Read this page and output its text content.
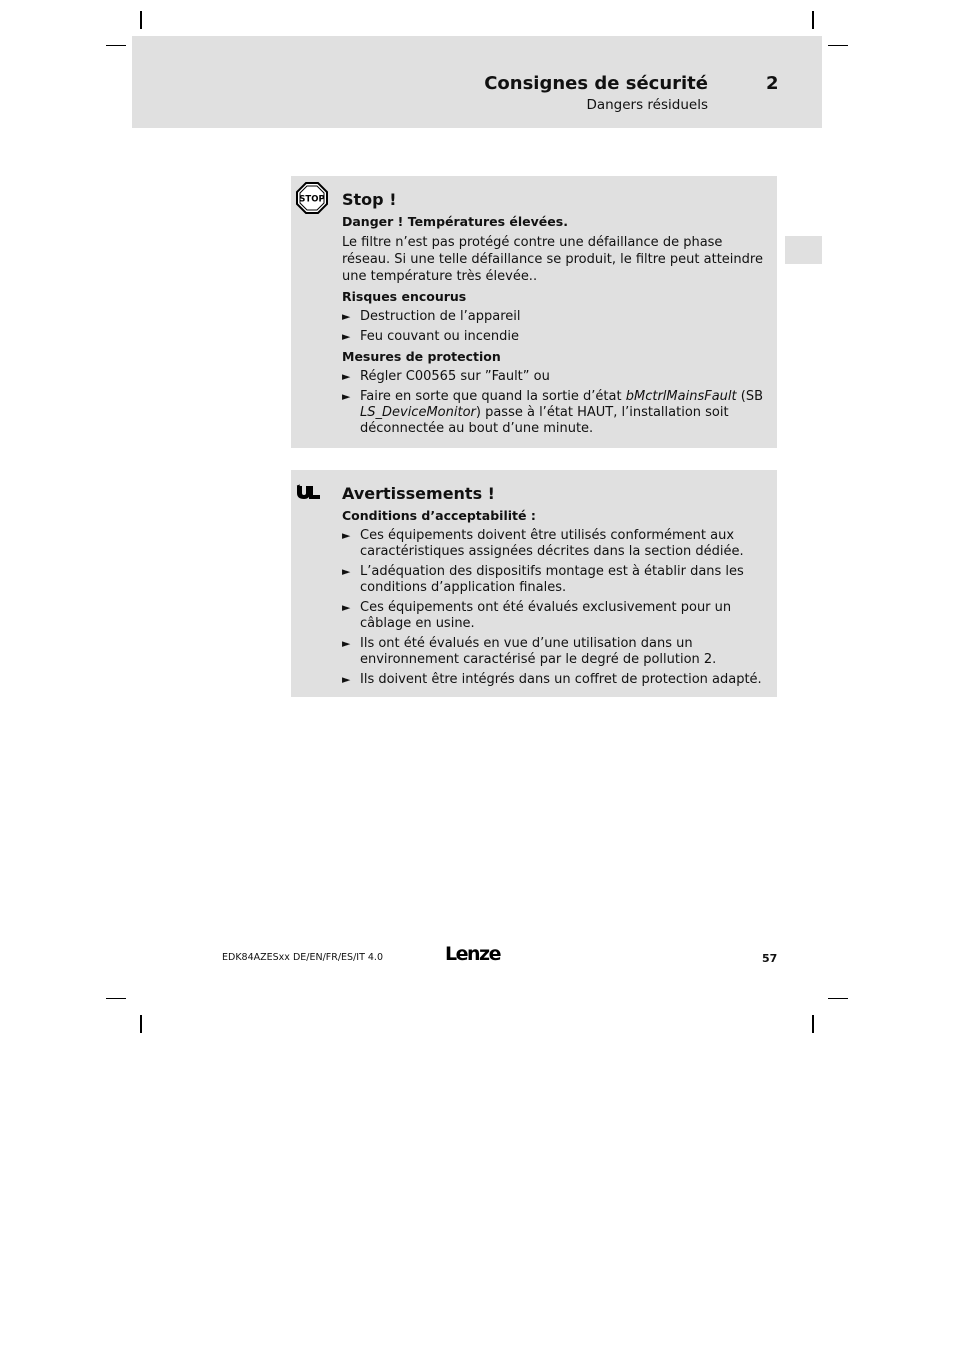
Consignes de sécurité	2
Dangers résiduels
STOP Stop !
Danger ! Températures élevées.
Le filtre n’est pas protégé contre une défaillance de phase réseau. Si une telle défaillance se produit, le filtre peut atteindre une température très élevée..
Risques encourus
► Destruction de l’appareil
► Feu couvant ou incendie
Mesures de protection
► Régler C00565 sur ”Fault” ou
► Faire en sorte que quand la sortie d’état bMctrlMainsFault (SB LS_DeviceMonitor) passe à l’état HAUT, l’installation soit déconnectée au bout d’une minute.
Avertissements !
Conditions d’acceptabilité :
► Ces équipements doivent être utilisés conformément aux caractéristiques assignées décrites dans la section dédiée.
► L’adéquation des dispositifs montage est à établir dans les conditions d’application finales.
► Ces équipements ont été évalués exclusivement pour un câblage en usine.
► Ils ont été évalués en vue d’une utilisation dans un environnement caractérisé par le degré de pollution 2.
► Ils doivent être intégrés dans un coffret de protection adapté.
EDK84AZESxx DE/EN/FR/ES/IT 4.0	Lenze	57
